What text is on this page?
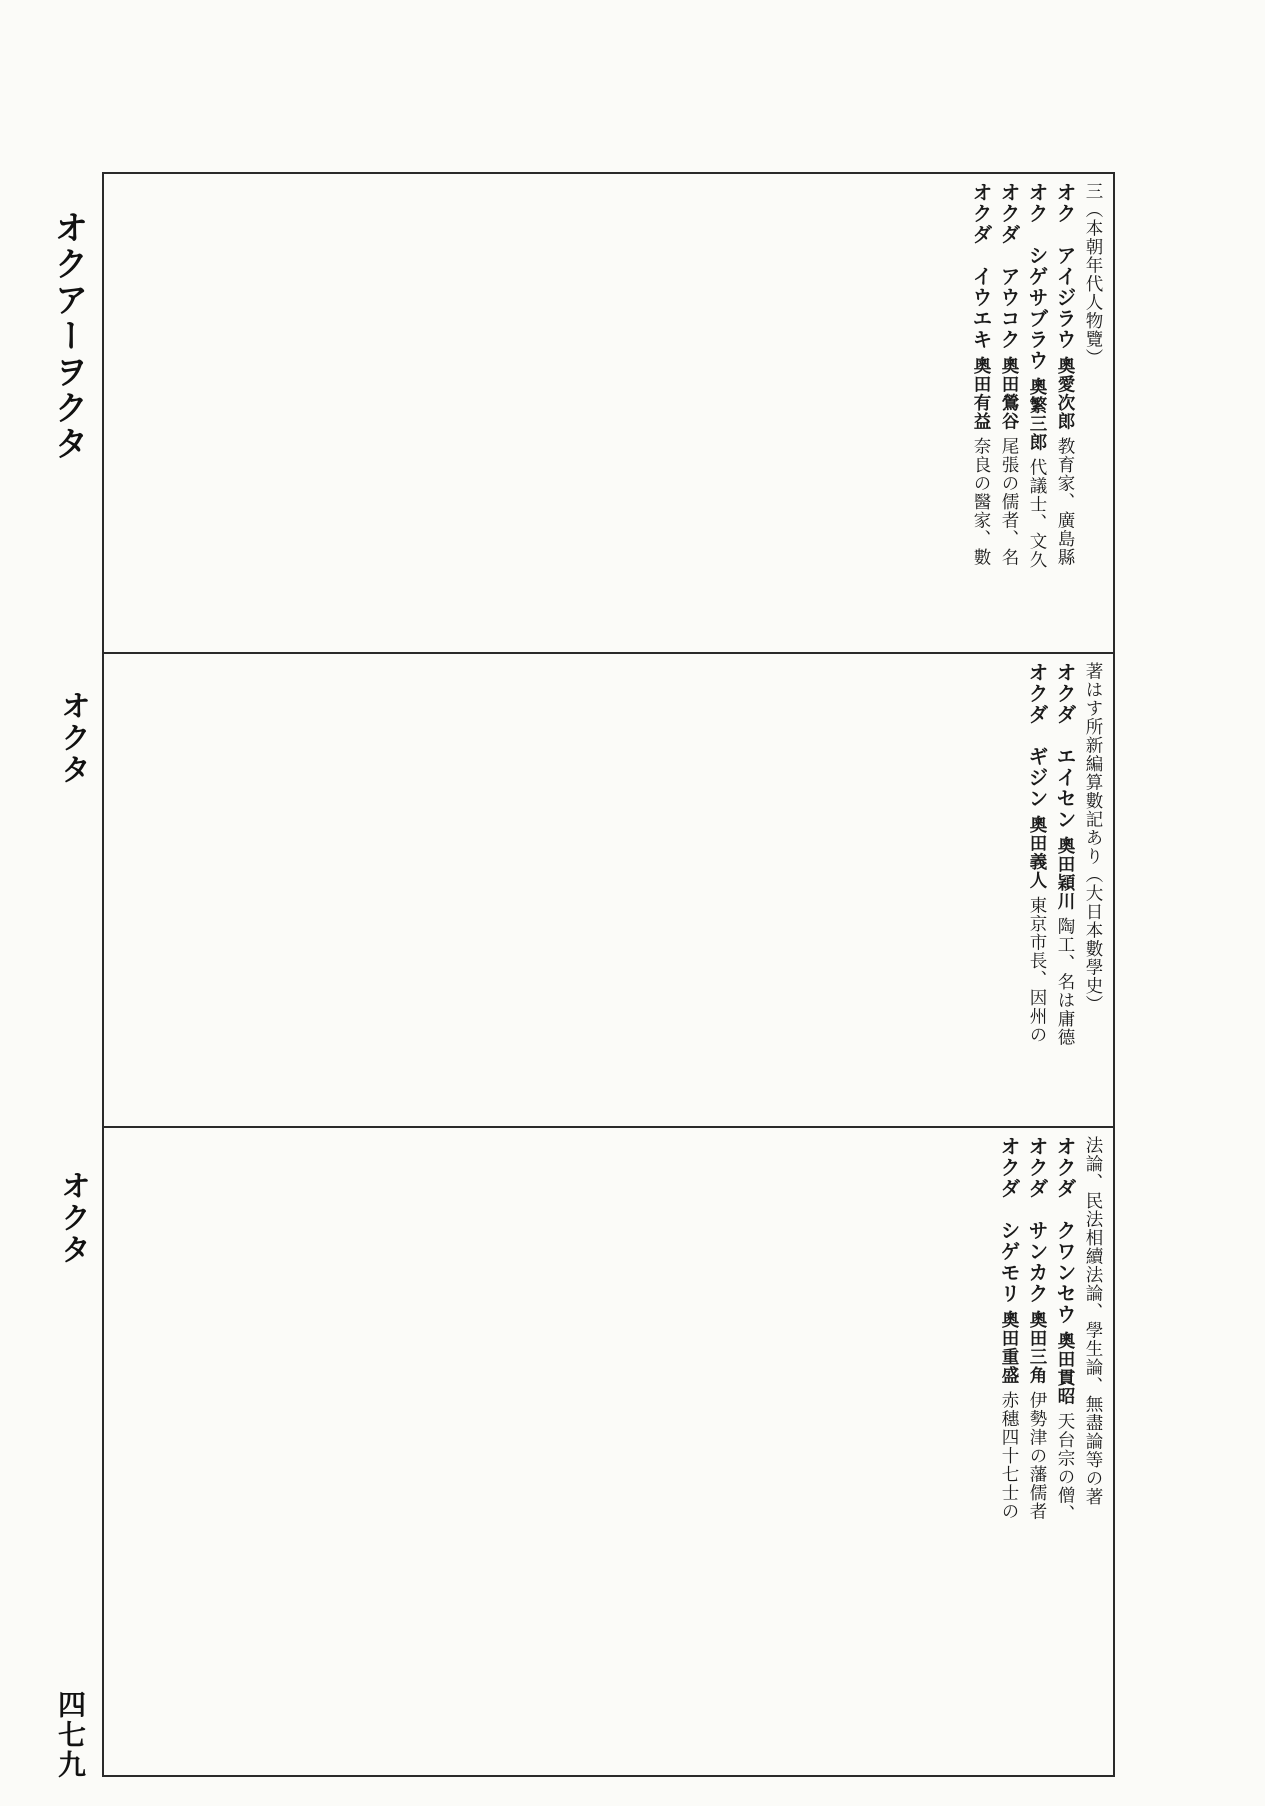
オクアーヲクタ
オクタ
オクタ
四七九

三（本朝年代人物覽）

オク　アイジラウ 奧愛次郎 教育家、廣島縣

オク　シゲサブラウ 奧繁三郎 代議士、文久

オクダ　アウコク 奧田鶯谷 尾張の儒者、名

オクダ　イウエキ 奧田有益 奈良の醫家、數

著はす所新編算數記あり（大日本數學史）

オクダ　エイセン 奧田穎川 陶工、名は庸德

オクダ　ギジン 奧田義人 東京市長、因州の

法論、民法相續法論、學生論、無盡論等の著

オクダ　クワンセウ 奧田貫昭 天台宗の僧、

オクダ　サンカク 奧田三角 伊勢津の藩儒者

オクダ　シゲモリ 奧田重盛 赤穗四十七士の
